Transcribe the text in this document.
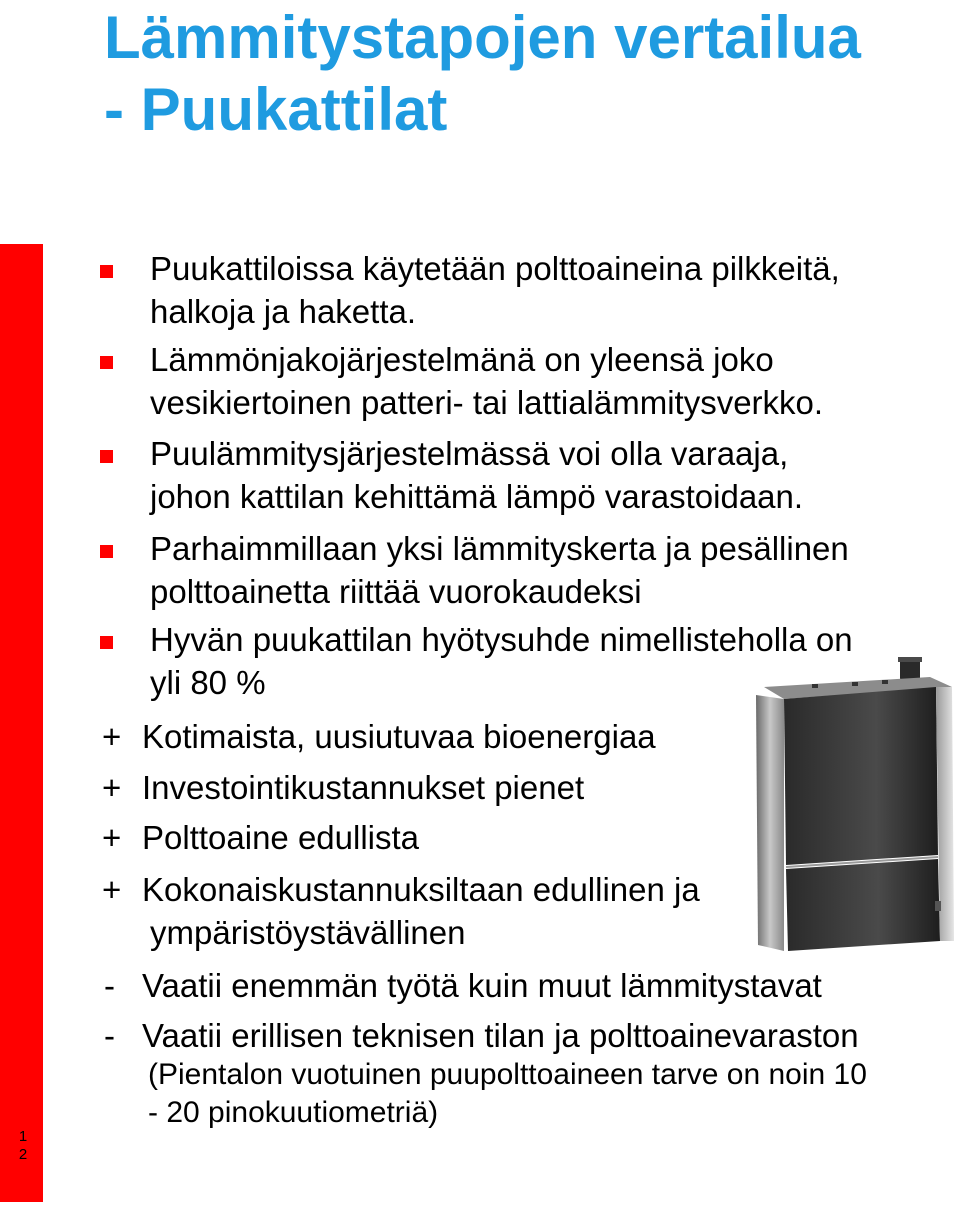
1
2
Lämmitystapojen vertailua
- Puukattilat
Puukattiloissa käytetään polttoaineina pilkkeitä,
halkoja ja haketta.
Lämmönjakojärjestelmänä on yleensä joko
vesikiertoinen patteri- tai lattialämmitysverkko.
Puulämmitysjärjestelmässä voi olla varaaja,
johon kattilan kehittämä lämpö varastoidaan.
Parhaimmillaan yksi lämmityskerta ja pesällinen
polttoainetta riittää vuorokaudeksi
Hyvän puukattilan hyötysuhde nimellisteholla on
yli 80 %
+ Kotimaista, uusiutuvaa bioenergiaa
+ Investointikustannukset pienet
+ Polttoaine edullista
+ Kokonaiskustannuksiltaan edullinen ja
ympäristöystävällinen
- Vaatii enemmän työtä kuin muut lämmitystavat
- Vaatii erillisen teknisen tilan ja polttoainevaraston
(Pientalon vuotuinen puupolttoaineen tarve on noin 10
- 20 pinokuutiometriä)
